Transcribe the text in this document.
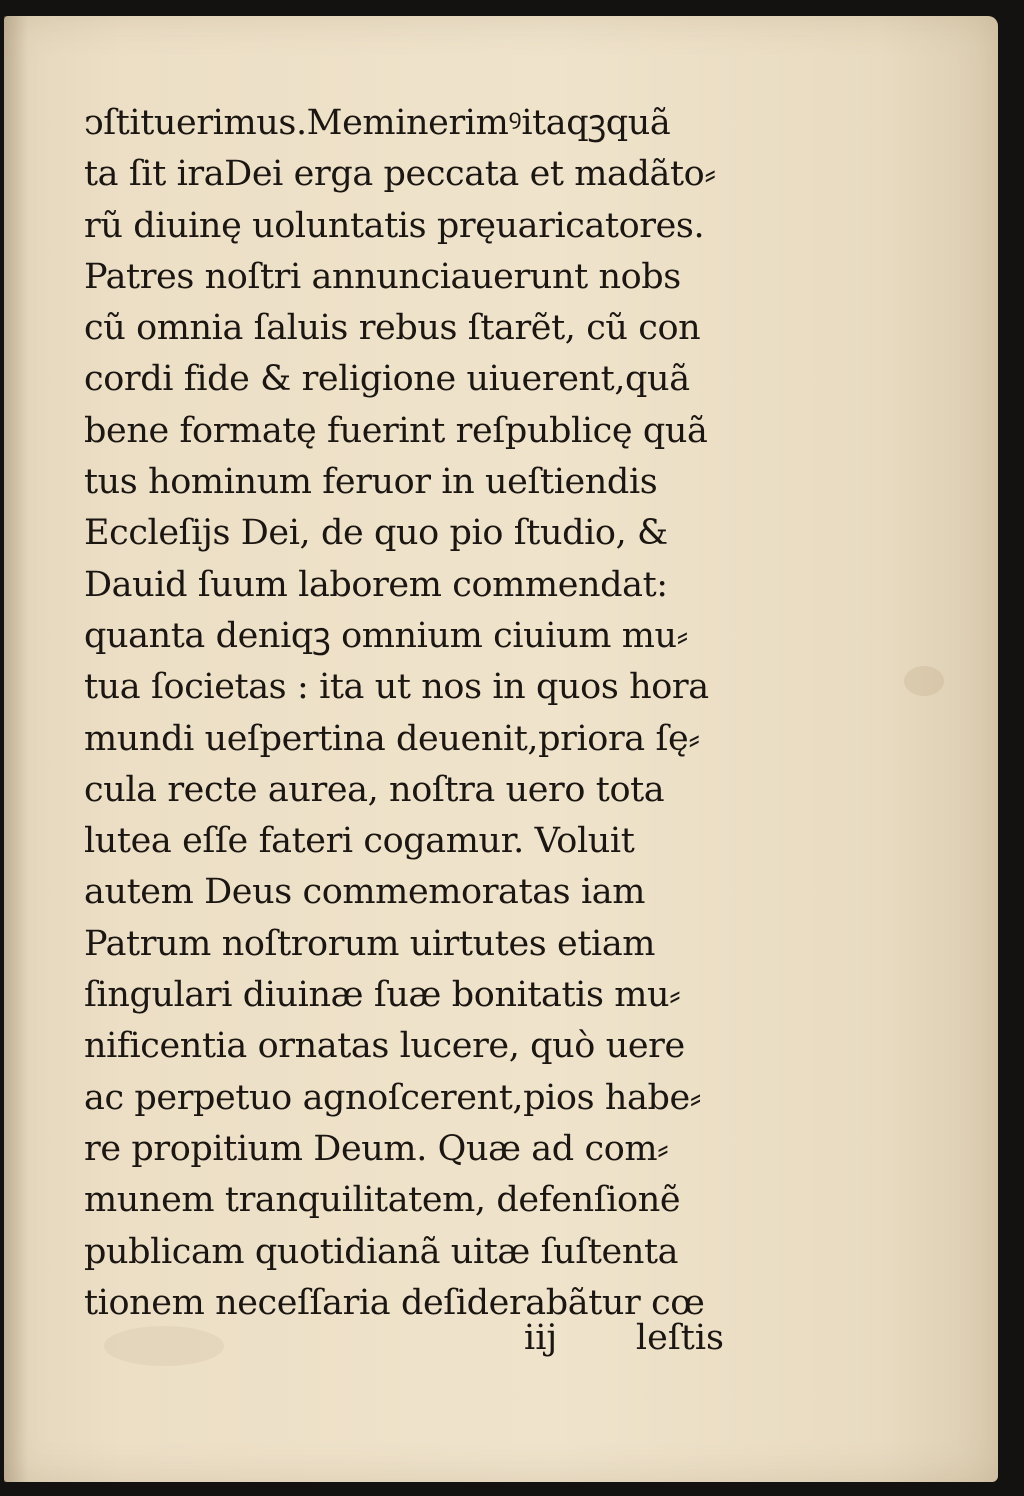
ↄſtituerimus.Meminerimꝰitaqꝫquã
ta ſit iraDei erga peccata et madãto⸗
rũ diuinę uoluntatis pręuaricatores.
Patres noſtri annunciauerunt nobs
cũ omnia ſaluis rebus ſtarẽt, cũ con
cordi fide & religione uiuerent,quã
bene formatę fuerint reſpublicę quã
tus hominum feruor in ueſtiendis
Eccleſijs Dei, de quo pio ſtudio, &
Dauid ſuum laborem commendat:
quanta deniqꝫ omnium ciuium mu⸗
tua ſocietas : ita ut nos in quos hora
mundi ueſpertina deuenit,priora ſę⸗
cula recte aurea, noſtra uero tota
lutea eſſe fateri cogamur. Voluit
autem Deus commemoratas iam
Patrum noſtrorum uirtutes etiam
ſingulari diuinæ ſuæ bonitatis mu⸗
nificentia ornatas lucere, quò uere
ac perpetuo agnoſcerent,pios habe⸗
re propitium Deum. Quæ ad com⸗
munem tranquilitatem, defenſionẽ
publicam quotidianã uitæ ſuſtenta
tionem neceſſaria deſiderabãtur cœ
iij leſtis
